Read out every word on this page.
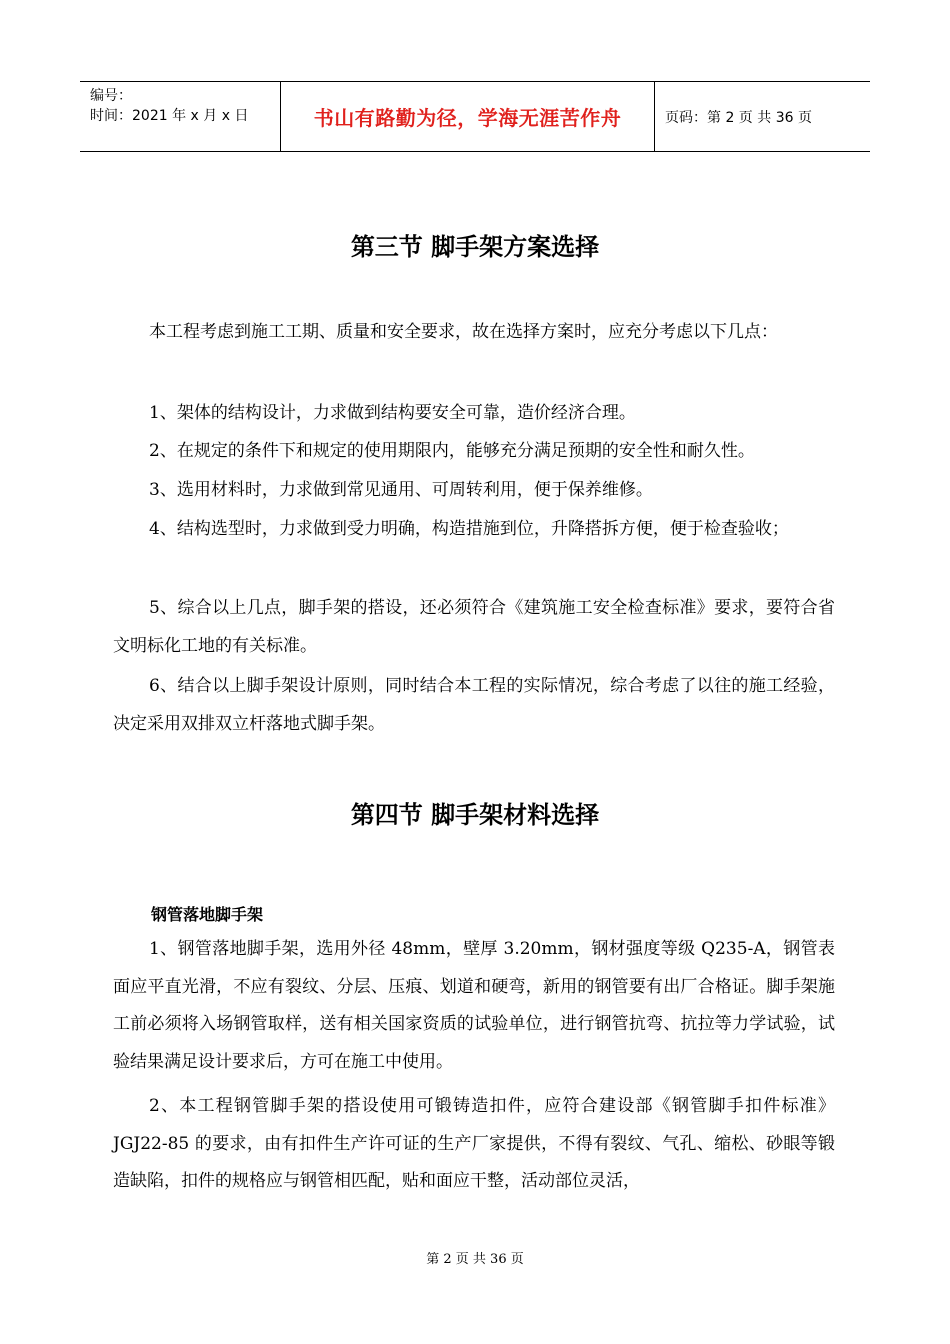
编号：
时间：2021 年 x 月 x 日	书山有路勤为径，学海无涯苦作舟	页码：第 2 页 共 36 页
第三节 脚手架方案选择

本工程考虑到施工工期、质量和安全要求，故在选择方案时，应充分考虑以下几点：

1、架体的结构设计，力求做到结构要安全可靠，造价经济合理。

2、在规定的条件下和规定的使用期限内，能够充分满足预期的安全性和耐久性。

3、选用材料时，力求做到常见通用、可周转利用，便于保养维修。

4、结构选型时，力求做到受力明确，构造措施到位，升降搭拆方便，便于检查验收；

5、综合以上几点，脚手架的搭设，还必须符合《建筑施工安全检查标准》要求，要符合省文明标化工地的有关标准。

6、结合以上脚手架设计原则，同时结合本工程的实际情况，综合考虑了以往的施工经验，决定采用双排双立杆落地式脚手架。

第四节 脚手架材料选择
钢管落地脚手架

1、钢管落地脚手架，选用外径 48mm，壁厚 3.20mm，钢材强度等级 Q235-A，钢管表面应平直光滑，不应有裂纹、分层、压痕、划道和硬弯，新用的钢管要有出厂合格证。脚手架施工前必须将入场钢管取样，送有相关国家资质的试验单位，进行钢管抗弯、抗拉等力学试验，试验结果满足设计要求后，方可在施工中使用。

2、本工程钢管脚手架的搭设使用可锻铸造扣件，应符合建设部《钢管脚手扣件标准》JGJ22-85 的要求，由有扣件生产许可证的生产厂家提供，不得有裂纹、气孔、缩松、砂眼等锻造缺陷，扣件的规格应与钢管相匹配，贴和面应干整，活动部位灵活，

第 2 页 共 36 页
